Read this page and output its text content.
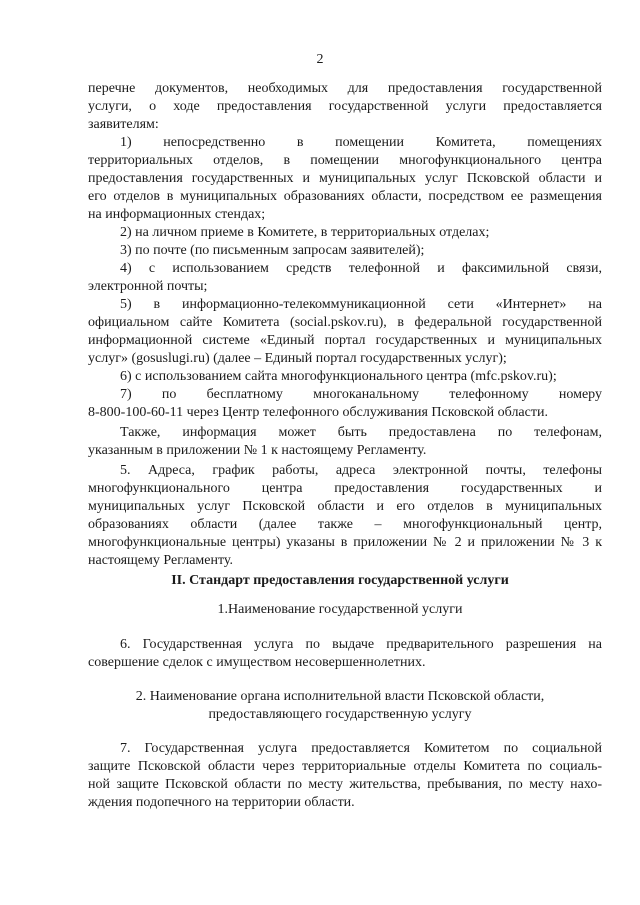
2
перечне документов, необходимых для предоставления государственной
услуги, о ходе предоставления государственной услуги предоставляется
заявителям:
1) непосредственно в помещении Комитета, помещениях
территориальных отделов, в помещении многофункционального центра
предоставления государственных и муниципальных услуг Псковской области и
его отделов в муниципальных образованиях области, посредством ее размещения
на информационных стендах;
2) на личном приеме в Комитете, в территориальных отделах;
3) по почте (по письменным запросам заявителей);
4) с использованием средств телефонной и факсимильной связи,
электронной почты;
5) в информационно-телекоммуникационной сети «Интернет» на
официальном сайте Комитета (social.pskov.ru), в федеральной государственной
информационной системе «Единый портал государственных и муниципальных
услуг» (gosuslugi.ru) (далее – Единый портал государственных услуг);
6) с использованием сайта многофункционального центра (mfc.pskov.ru);
7) по бесплатному многоканальному телефонному номеру
8-800-100-60-11 через Центр телефонного обслуживания Псковской области.
Также, информация может быть предоставлена по телефонам,
указанным в приложении № 1 к настоящему Регламенту.
5. Адреса, график работы, адреса электронной почты, телефоны
многофункционального центра предоставления государственных и
муниципальных услуг Псковской области и его отделов в муниципальных
образованиях области (далее также – многофункциональный центр,
многофункциональные центры) указаны в приложении № 2 и приложении № 3 к
настоящему Регламенту.
II. Стандарт предоставления государственной услуги
1.Наименование государственной услуги
6. Государственная услуга по выдаче предварительного разрешения на
совершение сделок с имуществом несовершеннолетних.
2. Наименование органа исполнительной власти Псковской области,
предоставляющего государственную услугу
7. Государственная услуга предоставляется Комитетом по социальной
защите Псковской области через территориальные отделы Комитета по социаль-
ной защите Псковской области по месту жительства, пребывания, по месту нахо-
ждения подопечного на территории области.
